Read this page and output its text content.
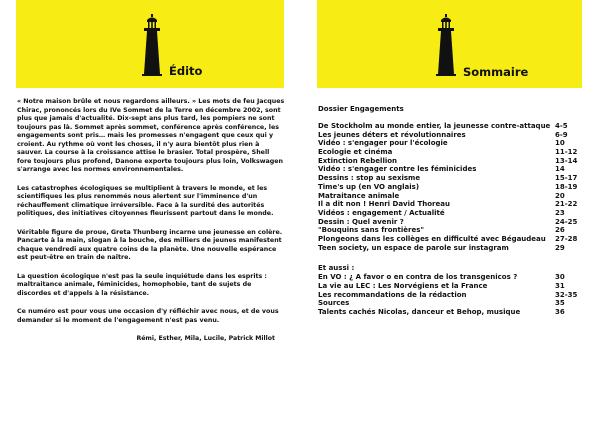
Édito

« Notre maison brûle et nous regardons ailleurs. » Les mots de feu Jacques Chirac, prononcés lors du IVe Sommet de la Terre en décembre 2002, sont plus que jamais d'actualité. Dix-sept ans plus tard, les pompiers ne sont toujours pas là. Sommet après sommet, conférence après conférence, les engagements sont pris… mais les promesses n'engagent que ceux qui y croient. Au rythme où vont les choses, il n'y aura bientôt plus rien à sauver. La course à la croissance attise le brasier. Total prospère, Shell fore toujours plus profond, Danone exporte toujours plus loin, Volkswagen s'arrange avec les normes environnementales.

Les catastrophes écologiques se multiplient à travers le monde, et les scientifiques les plus renommés nous alertent sur l'imminence d'un réchauffement climatique irréversible. Face à la surdité des autorités politiques, des initiatives citoyennes fleurissent partout dans le monde.

Véritable figure de proue, Greta Thunberg incarne une jeunesse en colère. Pancarte à la main, slogan à la bouche, des milliers de jeunes manifestent chaque vendredi aux quatre coins de la planète. Une nouvelle espérance est peut-être en train de naître.

La question écologique n'est pas la seule inquiétude dans les esprits : maltraitance animale, féminicides, homophobie, tant de sujets de discordes et d'appels à la résistance.

Ce numéro est pour vous une occasion d'y réfléchir avec nous, et de vous demander si le moment de l'engagement n'est pas venu.

Rémi, Esther, Mila, Lucile, Patrick Millot
Sommaire
Dossier Engagements
De Stockholm au monde entier, la jeunesse contre-attaque 4-5
Les jeunes déters et révolutionnaires	6-9
Vidéo : s'engager pour l'écologie	10
Ecologie et cinéma	11-12
Extinction Rebellion	13-14
Vidéo : s'engager contre les féminicides	14
Dessins : stop au sexisme	15-17
Time's up (en VO anglais)	18-19
Matraitance animale	20
Il a dit non ! Henri David Thoreau	21-22
Vidéos : engagement / Actualité	23
Dessin : Quel avenir ?	24-25
"Bouquins sans frontières"	26
Plongeons dans les collèges en difficulté avec Bégaudeau 27-28
Teen society, un espace de parole sur instagram	29
Et aussi :
En VO : ¿ A favor o en contra de los transgenicos ?	30
La vie au LEC : Les Norvégiens et la France	31
Les recommandations de la rédaction	32-35
Sources	35
Talents cachés Nicolas, danceur et Behop, musique	36
